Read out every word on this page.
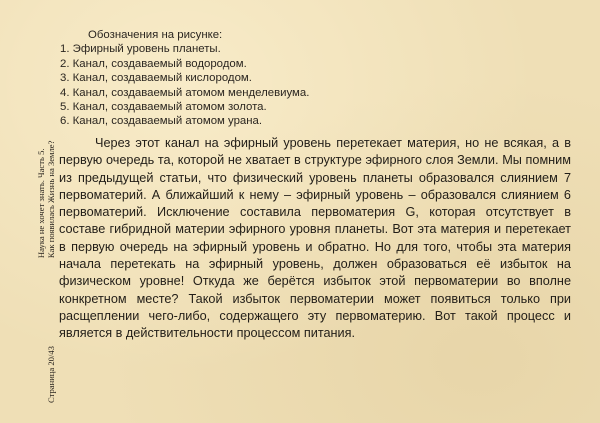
Страница 20/43
Наука не хочет знать. Часть 5. Как появилась Жизнь на Земле?
Обозначения на рисунке:
1. Эфирный уровень планеты.
2. Канал, создаваемый водородом.
3. Канал, создаваемый кислородом.
4. Канал, создаваемый атомом менделевиума.
5. Канал, создаваемый атомом золота.
6. Канал, создаваемый атомом урана.

Через этот канал на эфирный уровень перетекает материя, но не всякая, а в первую очередь та, которой не хватает в структуре эфирного слоя Земли. Мы помним из предыдущей статьи, что физический уровень планеты образовался слиянием 7 первоматерий. А ближайший к нему – эфирный уровень – образовался слиянием 6 первоматерий. Исключение составила первоматерия G, которая отсутствует в составе гибридной материи эфирного уровня планеты. Вот эта материя и перетекает в первую очередь на эфирный уровень и обратно. Но для того, чтобы эта материя начала перетекать на эфирный уровень, должен образоваться её избыток на физическом уровне! Откуда же берётся избыток этой первоматерии во вполне конкретном месте? Такой избыток первоматерии может появиться только при расщеплении чего-либо, содержащего эту первоматерию. Вот такой процесс и является в действительности процессом питания.
